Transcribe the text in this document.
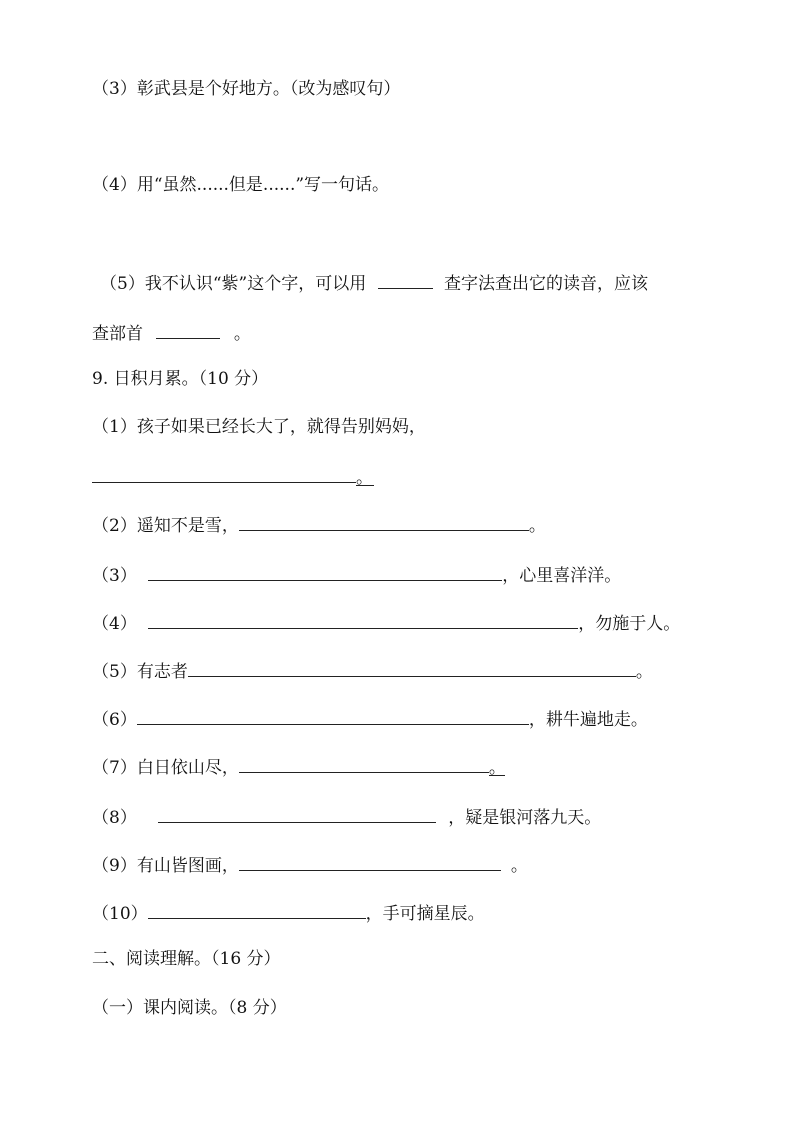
（3）彰武县是个好地方。（改为感叹句）
（4）用“虽然......但是......”写一句话。
（5）我不认识“紫”这个字，可以用	查字法查出它的读音，应该
查部首	。
9. 日积月累。（10 分）
（1）孩子如果已经长大了，就得告别妈妈，
。
（2）遥知不是雪，	。
（3）	，心里喜洋洋。
（4）	，勿施于人。
（5）有志者	。
（6）	，耕牛遍地走。
（7）白日依山尽，	。
（8）	，疑是银河落九天。
（9）有山皆图画，	。
（10）	，手可摘星辰。
二、阅读理解。（16 分）
（一）课内阅读。（8 分）
